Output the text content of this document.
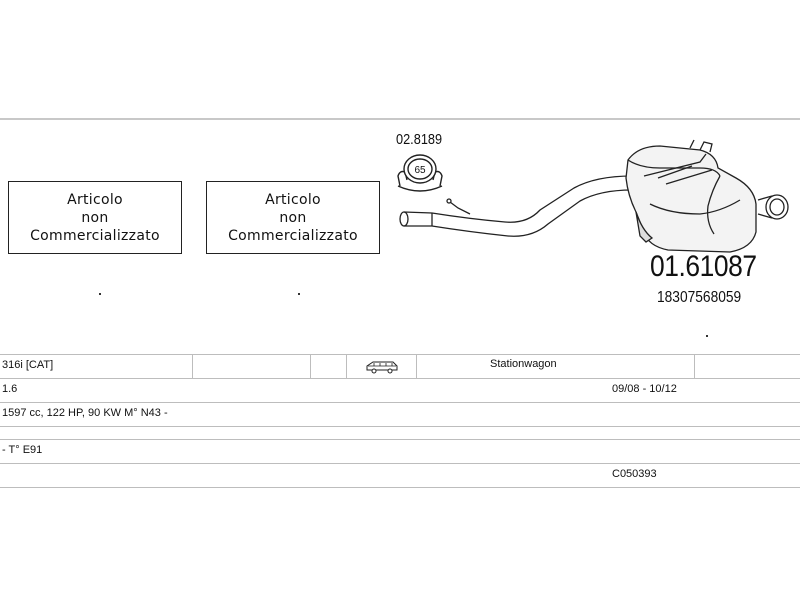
Articolo
non
Commercializzato
Articolo
non
Commercializzato
02.8189
65
01.61087
18307568059
316i [CAT]	Stationwagon
1.6	09/08 - 10/12
1597 cc, 122 HP, 90 KW M° N43 -
- T° E91
C050393
